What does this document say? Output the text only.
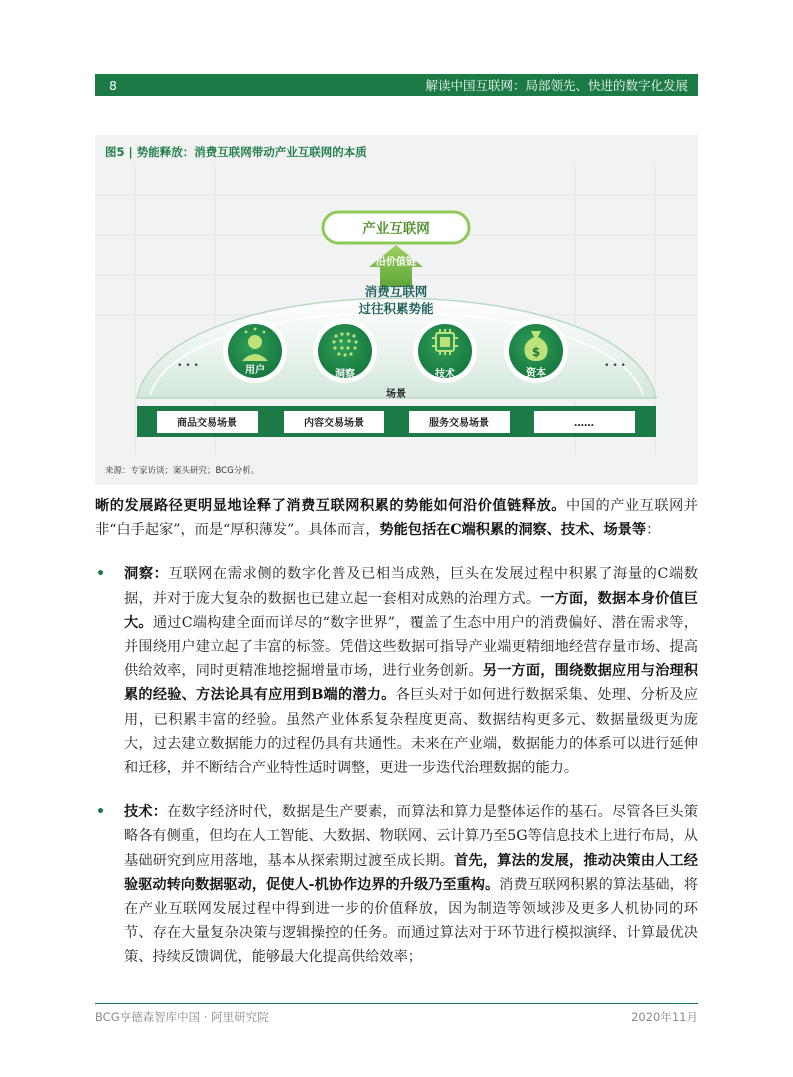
8	解读中国互联网：局部领先、快进的数字化发展
图5 | 势能释放：消费互联网带动产业互联网的本质
产业互联网
沿价值链
消费互联网
过往积累势能
• • •	• • •
用户	洞察	技术
$
资本
场景
商品交易场景	内容交易场景	服务交易场景	……
来源：专家访谈；案头研究；BCG分析。

晰的发展路径更明显地诠释了消费互联网积累的势能如何沿价值链释放。中国的产业互联网并非“白手起家”，而是“厚积薄发”。具体而言，势能包括在C端积累的洞察、技术、场景等：

• 洞察：互联网在需求侧的数字化普及已相当成熟，巨头在发展过程中积累了海量的C端数据，并对于庞大复杂的数据也已建立起一套相对成熟的治理方式。一方面，数据本身价值巨大。通过C端构建全面而详尽的“数字世界”，覆盖了生态中用户的消费偏好、潜在需求等，并围绕用户建立起了丰富的标签。凭借这些数据可指导产业端更精细地经营存量市场、提高供给效率，同时更精准地挖掘增量市场，进行业务创新。另一方面，围绕数据应用与治理积累的经验、方法论具有应用到B端的潜力。各巨头对于如何进行数据采集、处理、分析及应用，已积累丰富的经验。虽然产业体系复杂程度更高、数据结构更多元、数据量级更为庞大，过去建立数据能力的过程仍具有共通性。未来在产业端，数据能力的体系可以进行延伸和迁移，并不断结合产业特性适时调整，更进一步迭代治理数据的能力。
• 技术：在数字经济时代，数据是生产要素，而算法和算力是整体运作的基石。尽管各巨头策略各有侧重，但均在人工智能、大数据、物联网、云计算乃至5G等信息技术上进行布局，从基础研究到应用落地，基本从探索期过渡至成长期。首先，算法的发展，推动决策由人工经验驱动转向数据驱动，促使人-机协作边界的升级乃至重构。消费互联网积累的算法基础，将在产业互联网发展过程中得到进一步的价值释放，因为制造等领域涉及更多人机协同的环节、存在大量复杂决策与逻辑操控的任务。而通过算法对于环节进行模拟演绎、计算最优决策、持续反馈调优，能够最大化提高供给效率；
BCG亨德森智库中国 · 阿里研究院	2020年11月
